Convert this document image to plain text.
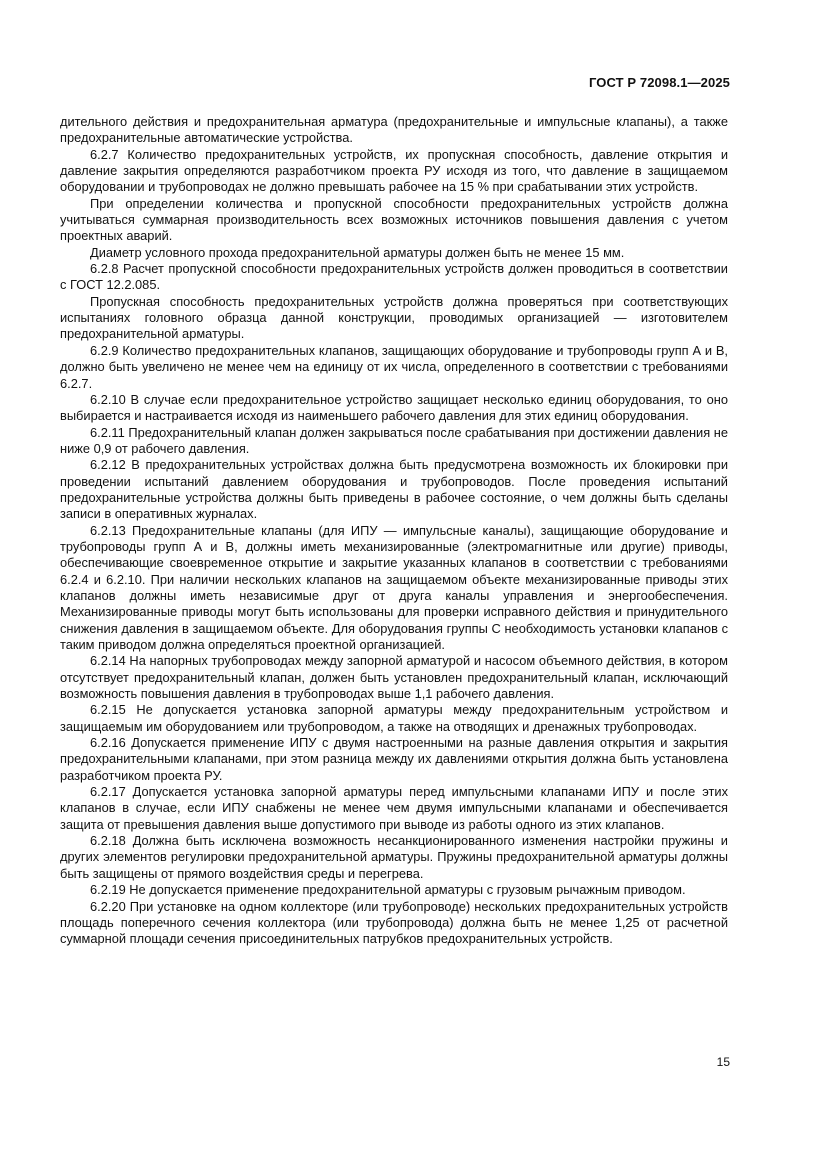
ГОСТ Р 72098.1—2025

дительного действия и предохранительная арматура (предохранительные и импульсные клапаны), а также предохранительные автоматические устройства.

6.2.7 Количество предохранительных устройств, их пропускная способность, давление открытия и давление закрытия определяются разработчиком проекта РУ исходя из того, что давление в защищаемом оборудовании и трубопроводах не должно превышать рабочее на 15 % при срабатывании этих устройств.

При определении количества и пропускной способности предохранительных устройств должна учитываться суммарная производительность всех возможных источников повышения давления с учетом проектных аварий.

Диаметр условного прохода предохранительной арматуры должен быть не менее 15 мм.

6.2.8 Расчет пропускной способности предохранительных устройств должен проводиться в соответствии с ГОСТ 12.2.085.

Пропускная способность предохранительных устройств должна проверяться при соответствующих испытаниях головного образца данной конструкции, проводимых организацией — изготовителем предохранительной арматуры.

6.2.9 Количество предохранительных клапанов, защищающих оборудование и трубопроводы групп А и В, должно быть увеличено не менее чем на единицу от их числа, определенного в соответствии с требованиями 6.2.7.

6.2.10 В случае если предохранительное устройство защищает несколько единиц оборудования, то оно выбирается и настраивается исходя из наименьшего рабочего давления для этих единиц оборудования.

6.2.11 Предохранительный клапан должен закрываться после срабатывания при достижении давления не ниже 0,9 от рабочего давления.

6.2.12 В предохранительных устройствах должна быть предусмотрена возможность их блокировки при проведении испытаний давлением оборудования и трубопроводов. После проведения испытаний предохранительные устройства должны быть приведены в рабочее состояние, о чем должны быть сделаны записи в оперативных журналах.

6.2.13 Предохранительные клапаны (для ИПУ — импульсные каналы), защищающие оборудование и трубопроводы групп А и В, должны иметь механизированные (электромагнитные или другие) приводы, обеспечивающие своевременное открытие и закрытие указанных клапанов в соответствии с требованиями 6.2.4 и 6.2.10. При наличии нескольких клапанов на защищаемом объекте механизированные приводы этих клапанов должны иметь независимые друг от друга каналы управления и энергообеспечения. Механизированные приводы могут быть использованы для проверки исправного действия и принудительного снижения давления в защищаемом объекте. Для оборудования группы С необходимость установки клапанов с таким приводом должна определяться проектной организацией.

6.2.14 На напорных трубопроводах между запорной арматурой и насосом объемного действия, в котором отсутствует предохранительный клапан, должен быть установлен предохранительный клапан, исключающий возможность повышения давления в трубопроводах выше 1,1 рабочего давления.

6.2.15 Не допускается установка запорной арматуры между предохранительным устройством и защищаемым им оборудованием или трубопроводом, а также на отводящих и дренажных трубопроводах.

6.2.16 Допускается применение ИПУ с двумя настроенными на разные давления открытия и закрытия предохранительными клапанами, при этом разница между их давлениями открытия должна быть установлена разработчиком проекта РУ.

6.2.17 Допускается установка запорной арматуры перед импульсными клапанами ИПУ и после этих клапанов в случае, если ИПУ снабжены не менее чем двумя импульсными клапанами и обеспечивается защита от превышения давления выше допустимого при выводе из работы одного из этих клапанов.

6.2.18 Должна быть исключена возможность несанкционированного изменения настройки пружины и других элементов регулировки предохранительной арматуры. Пружины предохранительной арматуры должны быть защищены от прямого воздействия среды и перегрева.

6.2.19 Не допускается применение предохранительной арматуры с грузовым рычажным приводом.

6.2.20 При установке на одном коллекторе (или трубопроводе) нескольких предохранительных устройств площадь поперечного сечения коллектора (или трубопровода) должна быть не менее 1,25 от расчетной суммарной площади сечения присоединительных патрубков предохранительных устройств.

15
